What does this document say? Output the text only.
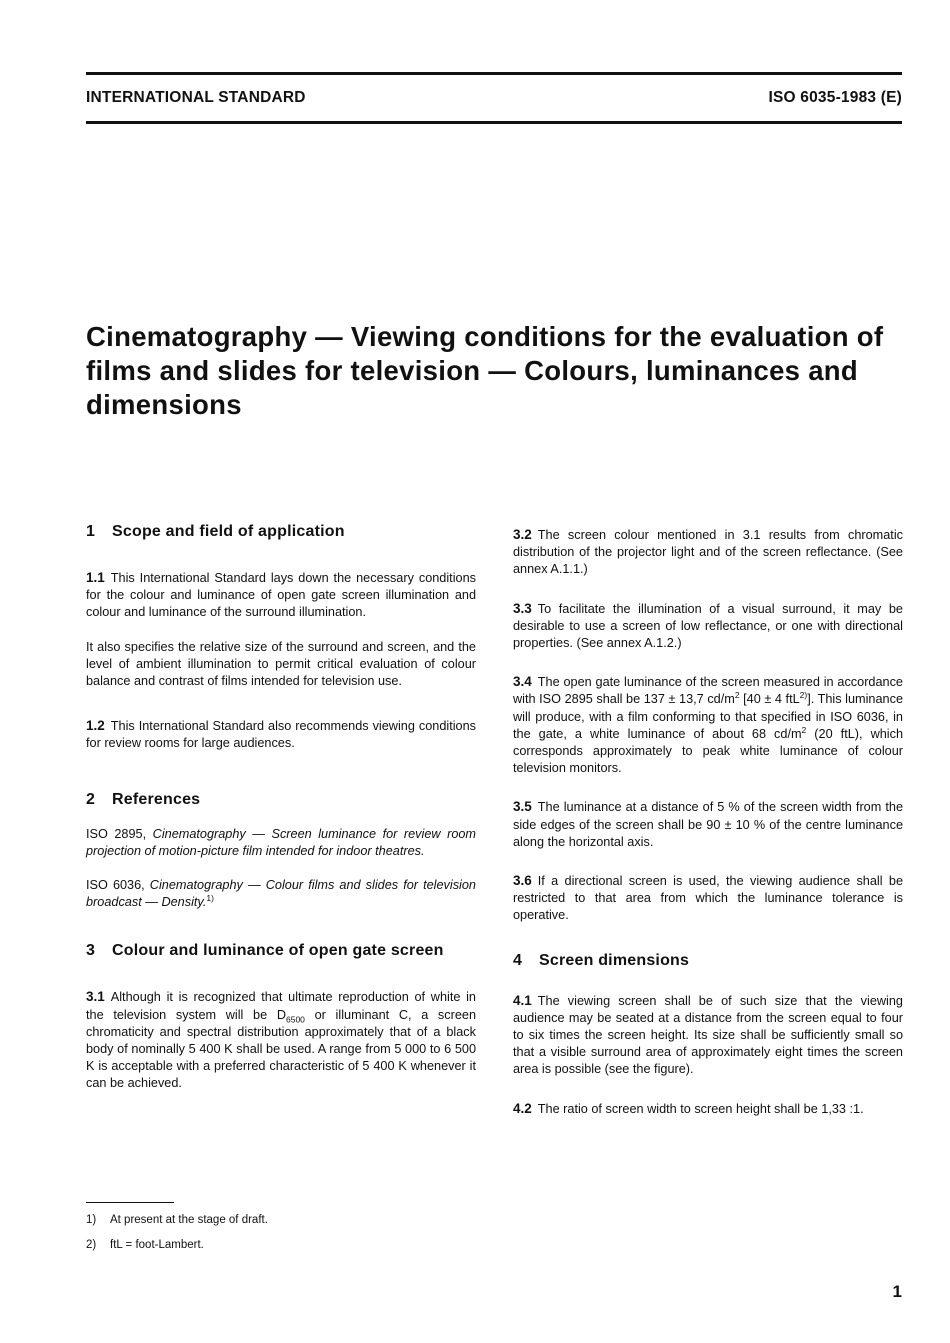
INTERNATIONAL STANDARD	ISO 6035-1983 (E)
Cinematography — Viewing conditions for the evaluation of films and slides for television — Colours, luminances and dimensions
1 Scope and field of application

1.1 This International Standard lays down the necessary conditions for the colour and luminance of open gate screen illumination and colour and luminance of the surround illumination.

It also specifies the relative size of the surround and screen, and the level of ambient illumination to permit critical evaluation of colour balance and contrast of films intended for television use.

1.2 This International Standard also recommends viewing conditions for review rooms for large audiences.

2 References

ISO 2895, Cinematography — Screen luminance for review room projection of motion-picture film intended for indoor theatres.

ISO 6036, Cinematography — Colour films and slides for television broadcast — Density.$^{1)}$

3 Colour and luminance of open gate screen

3.1 Although it is recognized that ultimate reproduction of white in the television system will be $D_{6500}$ or illuminant C, a screen chromaticity and spectral distribution approximately that of a black body of nominally 5 400 K shall be used. A range from 5 000 to 6 500 K is acceptable with a preferred characteristic of 5 400 K whenever it can be achieved.

3.2 The screen colour mentioned in 3.1 results from chromatic distribution of the projector light and of the screen reflectance. (See annex A.1.1.)

3.3 To facilitate the illumination of a visual surround, it may be desirable to use a screen of low reflectance, or one with directional properties. (See annex A.1.2.)

3.4 The open gate luminance of the screen measured in accordance with ISO 2895 shall be 137 ± 13,7 $cd/m^2$ [40 ± 4 ftL$^{2)}$]. This luminance will produce, with a film conforming to that specified in ISO 6036, in the gate, a white luminance of about 68 $cd/m^2$ (20 ftL), which corresponds approximately to peak white luminance of colour television monitors.

3.5 The luminance at a distance of 5 % of the screen width from the side edges of the screen shall be 90 ± 10 % of the centre luminance along the horizontal axis.

3.6 If a directional screen is used, the viewing audience shall be restricted to that area from which the luminance tolerance is operative.

4 Screen dimensions

4.1 The viewing screen shall be of such size that the viewing audience may be seated at a distance from the screen equal to four to six times the screen height. Its size shall be sufficiently small so that a visible surround area of approximately eight times the screen area is possible (see the figure).

4.2 The ratio of screen width to screen height shall be 1,33 :1.

1) At present at the stage of draft.
2) ftL = foot-Lambert.
1
